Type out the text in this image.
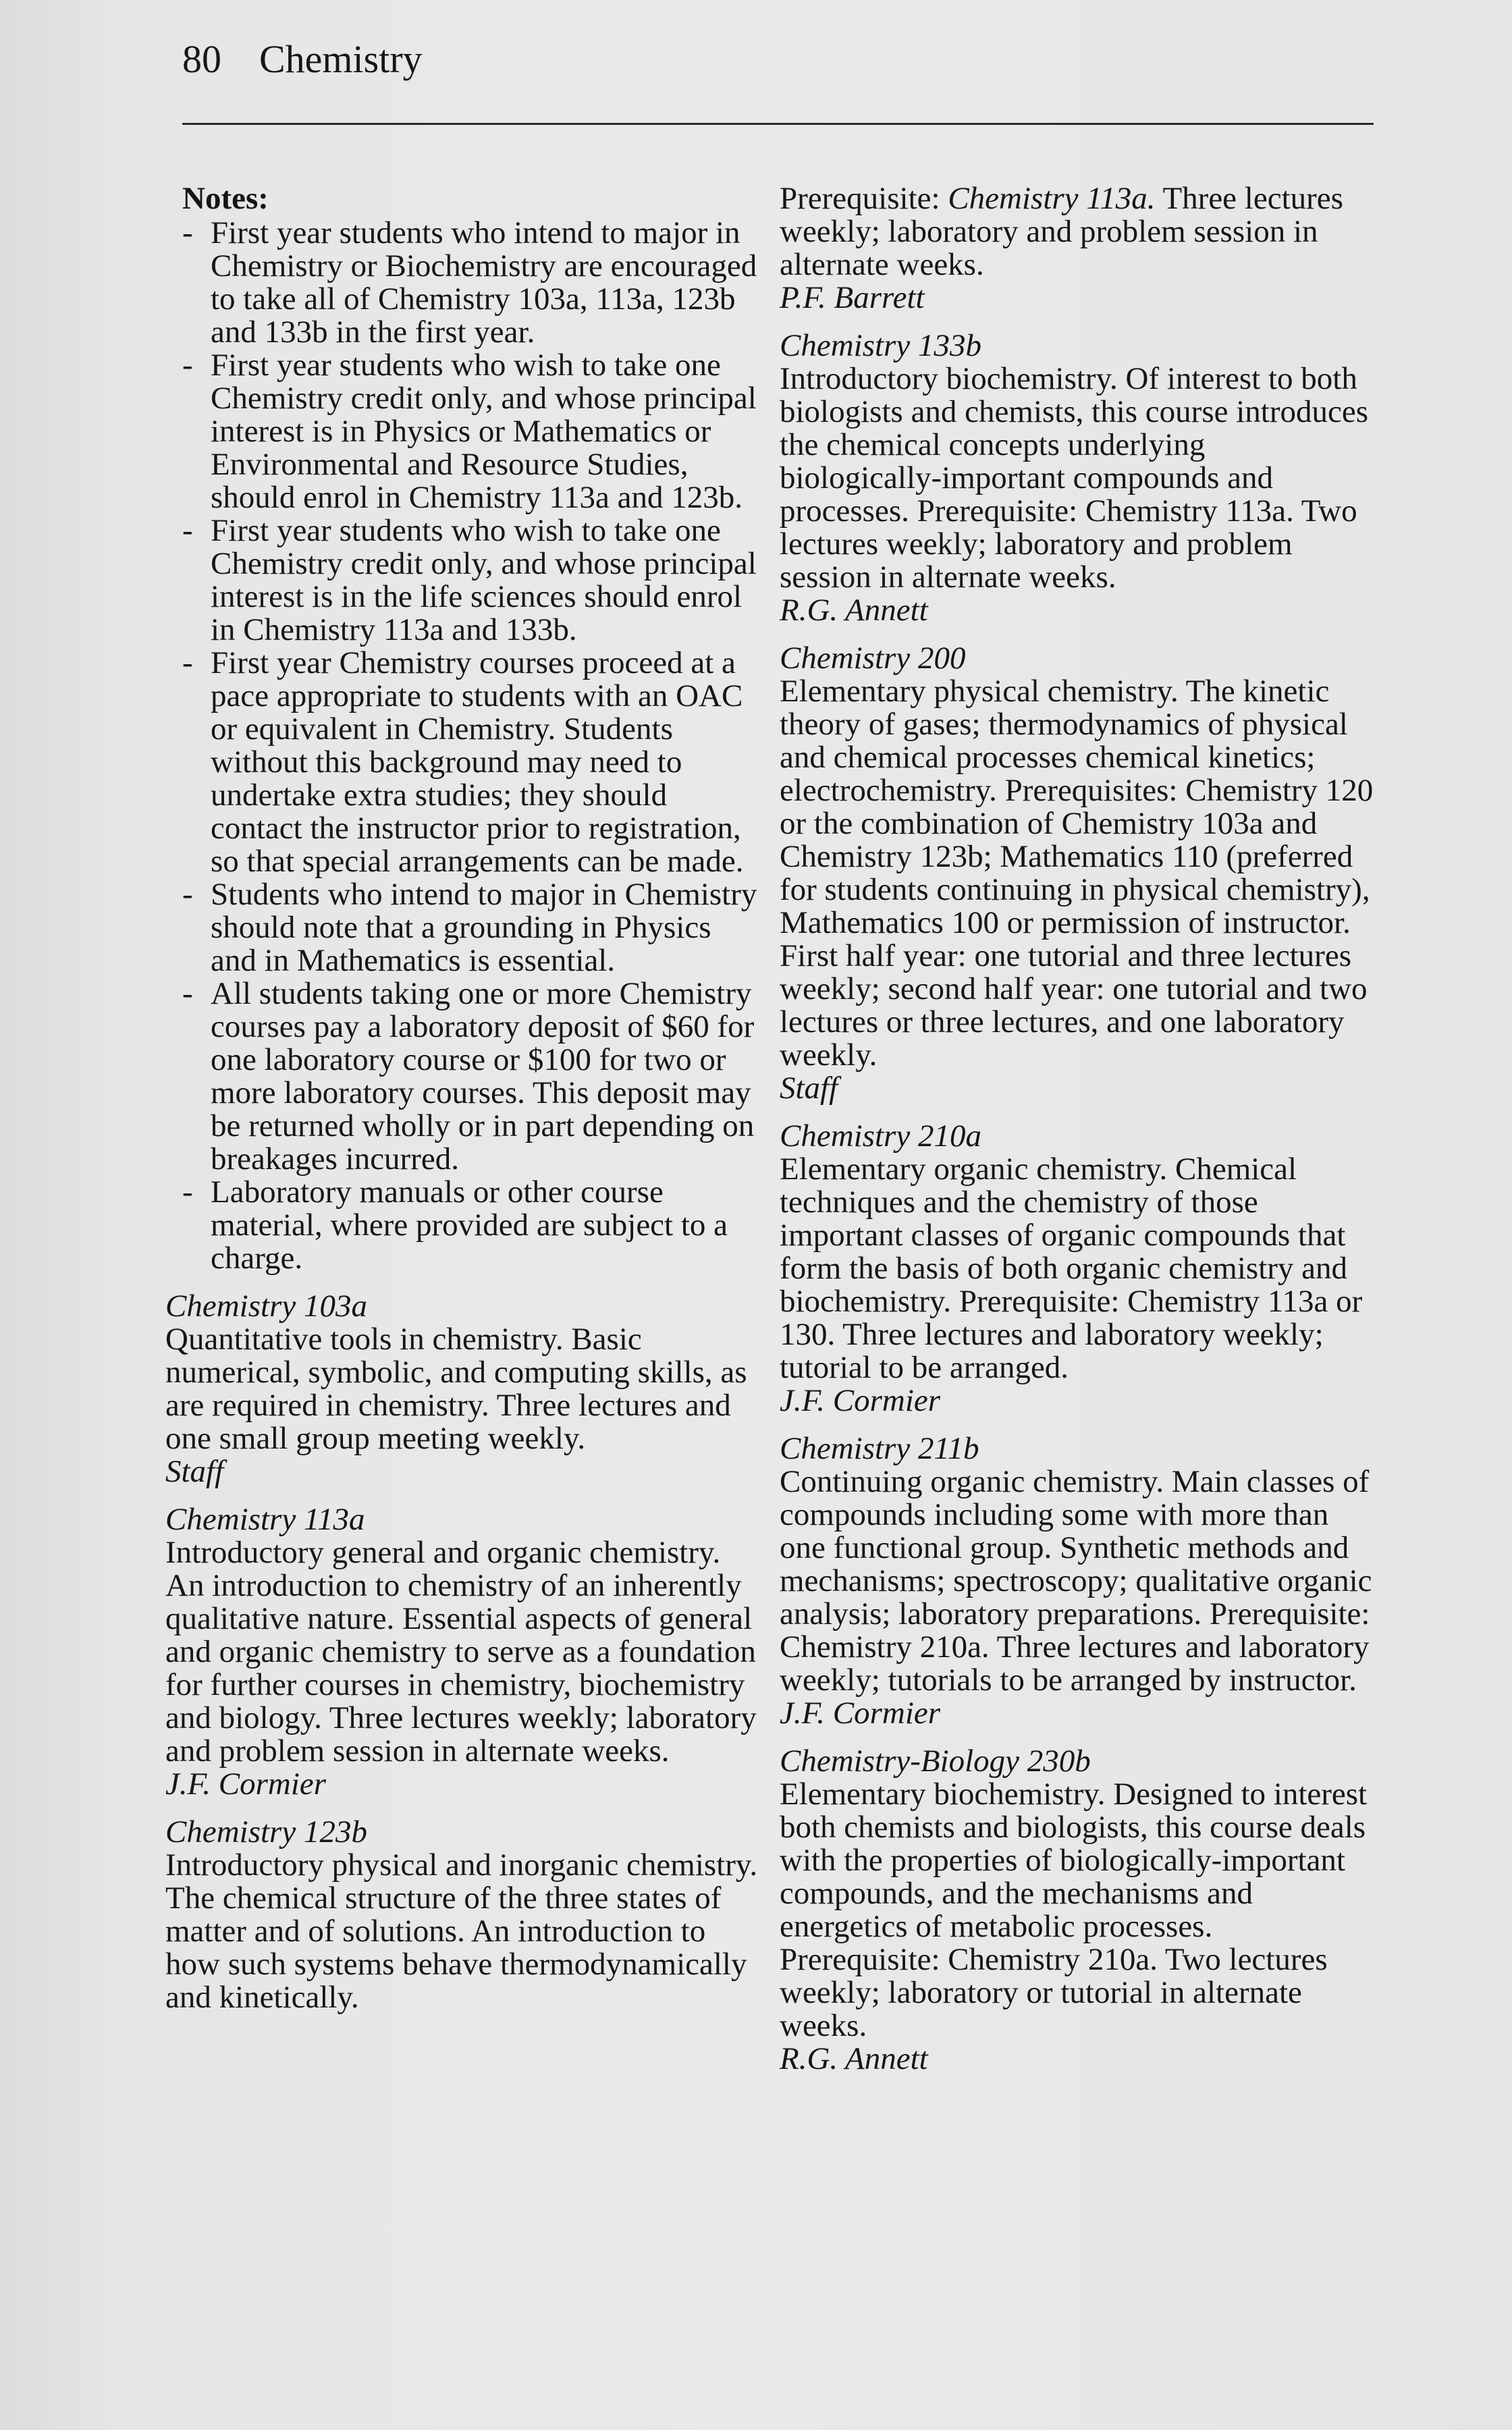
80 Chemistry
Notes:
- First year students who intend to major in Chemistry or Biochemistry are encouraged to take all of Chemistry 103a, 113a, 123b and 133b in the first year.
- First year students who wish to take one Chemistry credit only, and whose principal interest is in Physics or Mathematics or Environmental and Resource Studies, should enrol in Chemistry 113a and 123b.
- First year students who wish to take one Chemistry credit only, and whose principal interest is in the life sciences should enrol in Chemistry 113a and 133b.
- First year Chemistry courses proceed at a pace appropriate to students with an OAC or equivalent in Chemistry. Students without this background may need to undertake extra studies; they should contact the instructor prior to registration, so that special arrangements can be made.
- Students who intend to major in Chemistry should note that a grounding in Physics and in Mathematics is essential.
- All students taking one or more Chemistry courses pay a laboratory deposit of $60 for one laboratory course or $100 for two or more laboratory courses. This deposit may be returned wholly or in part depending on breakages incurred.
- Laboratory manuals or other course material, where provided are subject to a charge.
Chemistry 103a
Quantitative tools in chemistry. Basic numerical, symbolic, and computing skills, as are required in chemistry. Three lectures and one small group meeting weekly.
Staff
Chemistry 113a
Introductory general and organic chemistry. An introduction to chemistry of an inherently qualitative nature. Essential aspects of general and organic chemistry to serve as a foundation for further courses in chemistry, biochemistry and biology. Three lectures weekly; laboratory and problem session in alternate weeks.
J.F. Cormier
Chemistry 123b
Introductory physical and inorganic chemistry. The chemical structure of the three states of matter and of solutions. An introduction to how such systems behave thermodynamically and kinetically.
Prerequisite: Chemistry 113a. Three lectures weekly; laboratory and problem session in alternate weeks.
P.F. Barrett
Chemistry 133b
Introductory biochemistry. Of interest to both biologists and chemists, this course introduces the chemical concepts underlying biologically-important compounds and processes. Prerequisite: Chemistry 113a. Two lectures weekly; laboratory and problem session in alternate weeks.
R.G. Annett
Chemistry 200
Elementary physical chemistry. The kinetic theory of gases; thermodynamics of physical and chemical processes chemical kinetics; electrochemistry. Prerequisites: Chemistry 120 or the combination of Chemistry 103a and Chemistry 123b; Mathematics 110 (preferred for students continuing in physical chemistry), Mathematics 100 or permission of instructor. First half year: one tutorial and three lectures weekly; second half year: one tutorial and two lectures or three lectures, and one laboratory weekly.
Staff
Chemistry 210a
Elementary organic chemistry. Chemical techniques and the chemistry of those important classes of organic compounds that form the basis of both organic chemistry and biochemistry. Prerequisite: Chemistry 113a or 130. Three lectures and laboratory weekly; tutorial to be arranged.
J.F. Cormier
Chemistry 211b
Continuing organic chemistry. Main classes of compounds including some with more than one functional group. Synthetic methods and mechanisms; spectroscopy; qualitative organic analysis; laboratory preparations. Prerequisite: Chemistry 210a. Three lectures and laboratory weekly; tutorials to be arranged by instructor.
J.F. Cormier
Chemistry-Biology 230b
Elementary biochemistry. Designed to interest both chemists and biologists, this course deals with the properties of biologically-important compounds, and the mechanisms and energetics of metabolic processes. Prerequisite: Chemistry 210a. Two lectures weekly; laboratory or tutorial in alternate weeks.
R.G. Annett
